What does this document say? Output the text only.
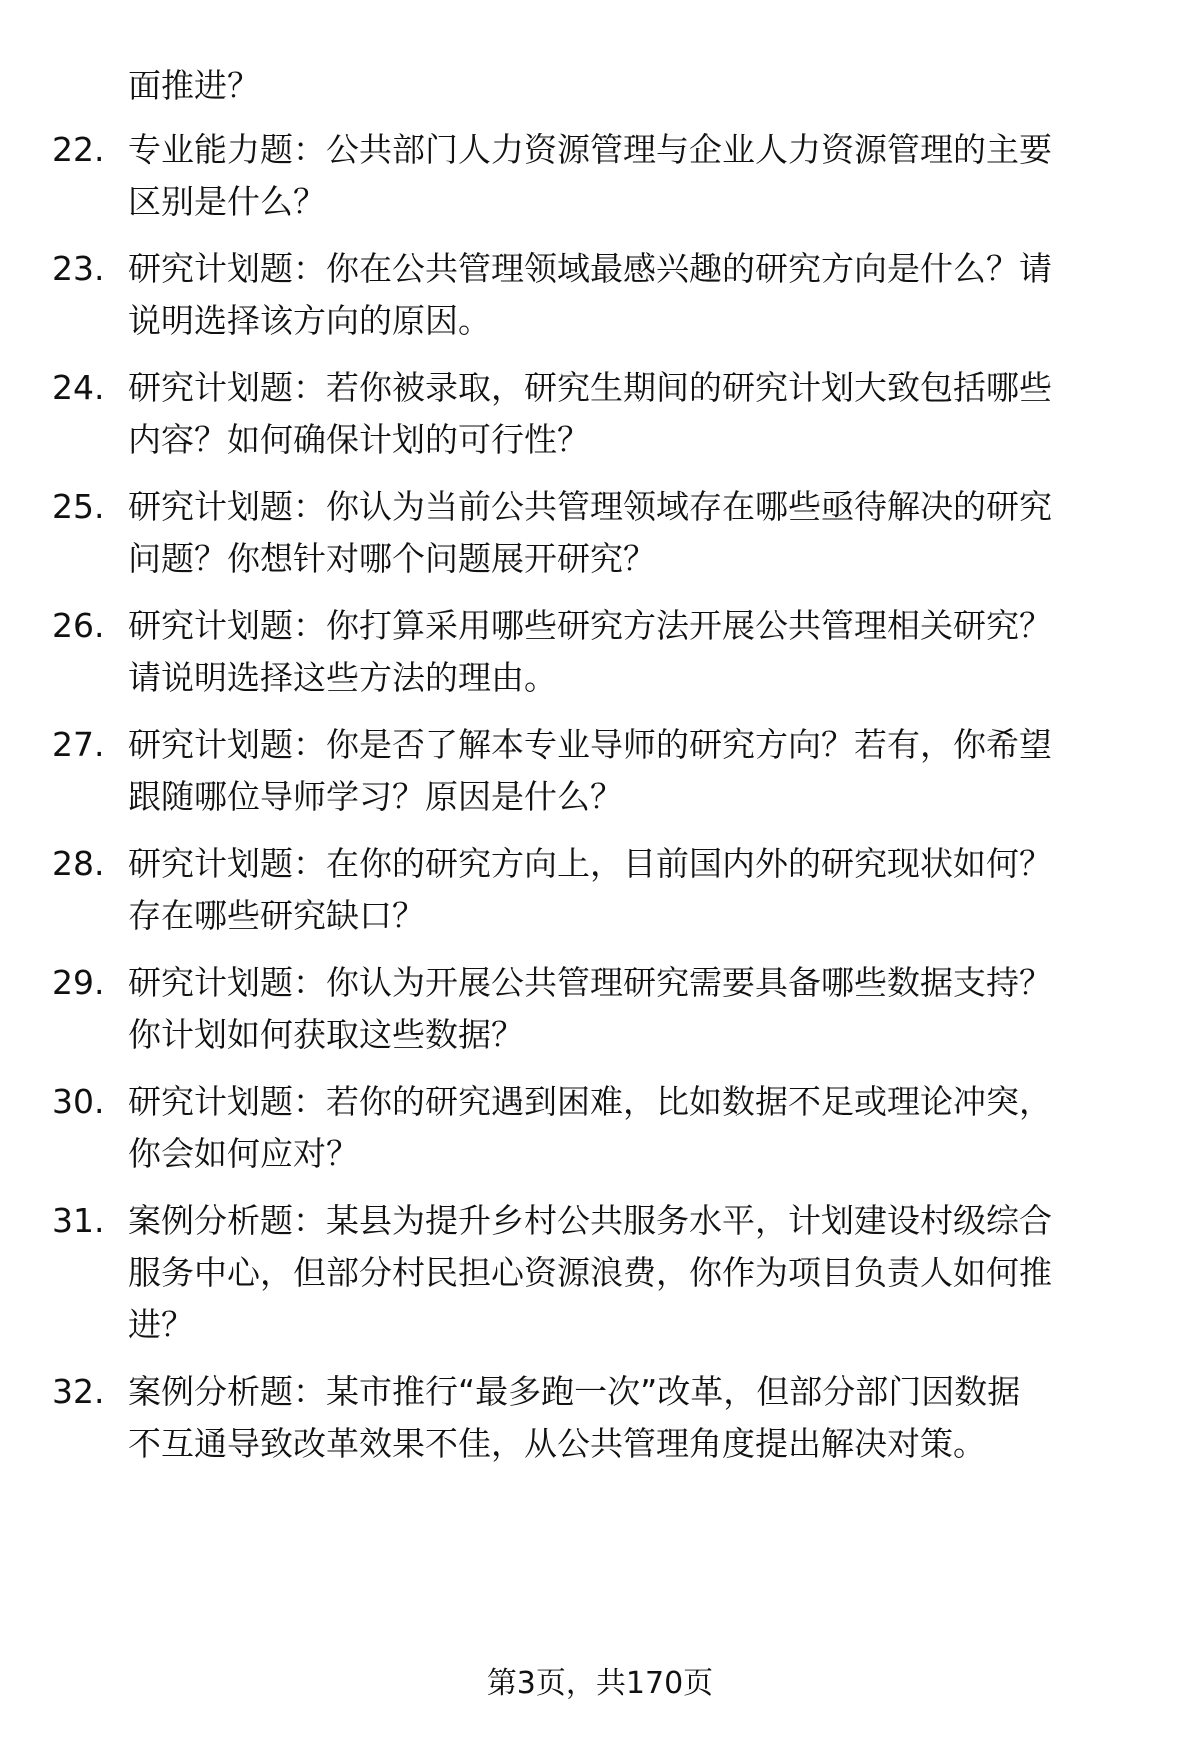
面推进？
22. 专业能力题：公共部门人力资源管理与企业人力资源管理的主要
区别是什么？
23. 研究计划题：你在公共管理领域最感兴趣的研究方向是什么？请
说明选择该方向的原因。
24. 研究计划题：若你被录取，研究生期间的研究计划大致包括哪些
内容？如何确保计划的可行性？
25. 研究计划题：你认为当前公共管理领域存在哪些亟待解决的研究
问题？你想针对哪个问题展开研究？
26. 研究计划题：你打算采用哪些研究方法开展公共管理相关研究？
请说明选择这些方法的理由。
27. 研究计划题：你是否了解本专业导师的研究方向？若有，你希望
跟随哪位导师学习？原因是什么？
28. 研究计划题：在你的研究方向上，目前国内外的研究现状如何？
存在哪些研究缺口？
29. 研究计划题：你认为开展公共管理研究需要具备哪些数据支持？
你计划如何获取这些数据？
30. 研究计划题：若你的研究遇到困难，比如数据不足或理论冲突，
你会如何应对？
31. 案例分析题：某县为提升乡村公共服务水平，计划建设村级综合
服务中心，但部分村民担心资源浪费，你作为项目负责人如何推
进？
32. 案例分析题：某市推行“最多跑一次”改革，但部分部门因数据
不互通导致改革效果不佳，从公共管理角度提出解决对策。
第3页，共170页
